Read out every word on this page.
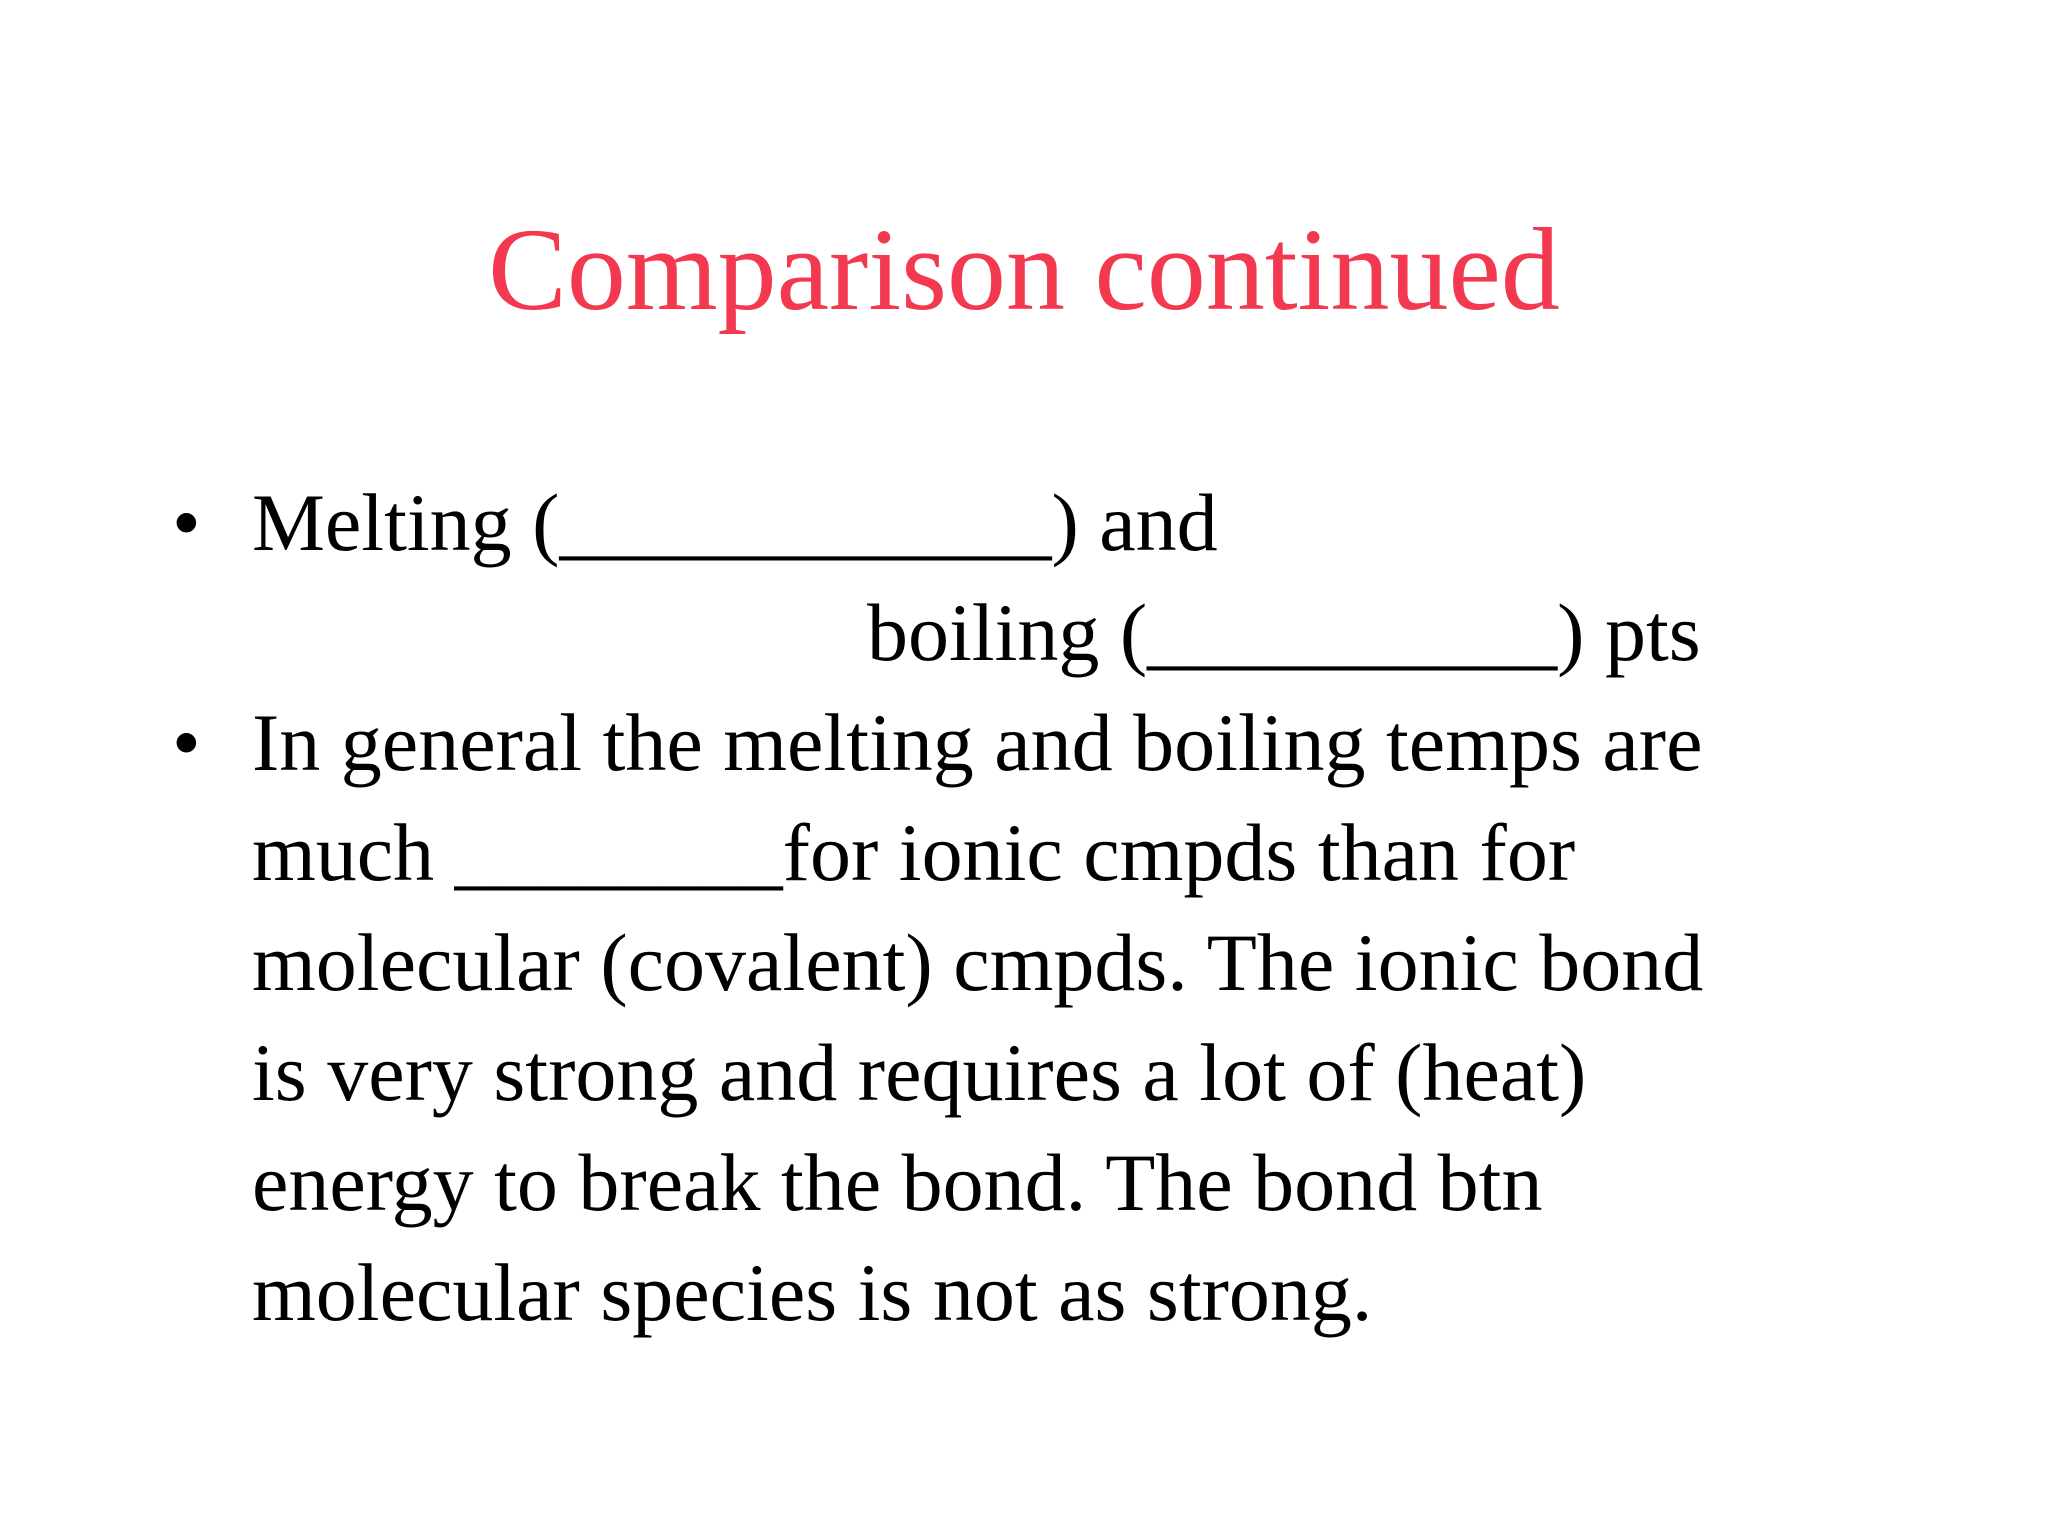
Comparison continued
• Melting (____________) and
boiling (__________) pts
• In general the melting and boiling temps are
much ________for ionic cmpds than for
molecular (covalent) cmpds. The ionic bond
is very strong and requires a lot of (heat)
energy to break the bond. The bond btn
molecular species is not as strong.
